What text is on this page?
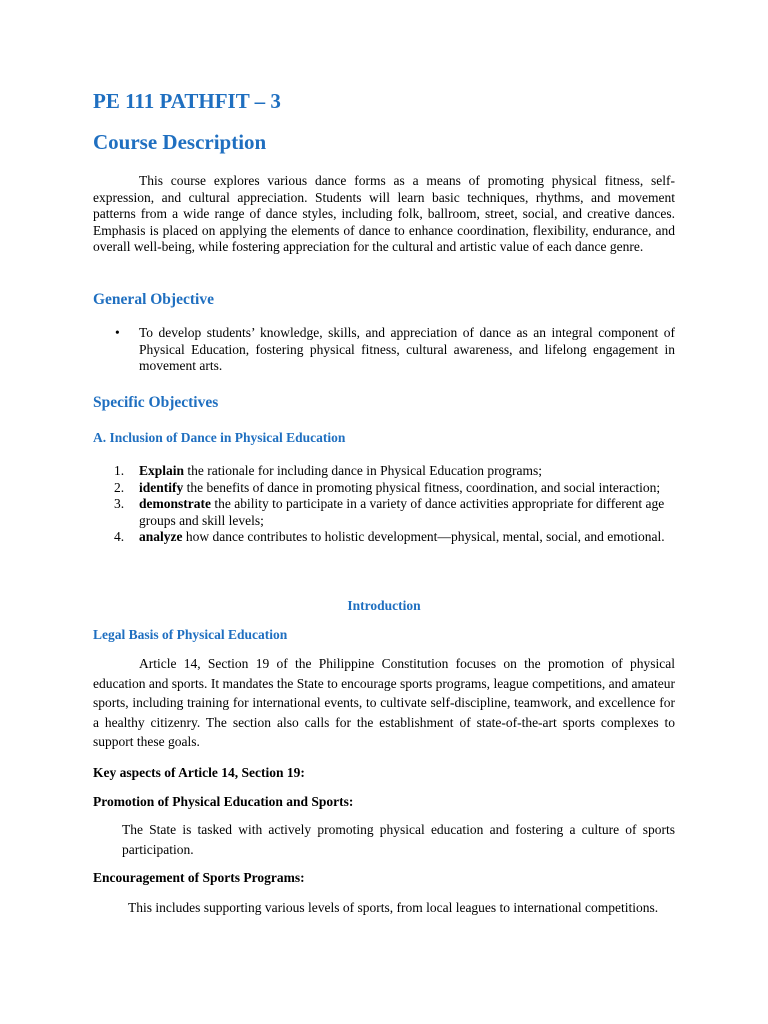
PE 111 PATHFIT – 3
Course Description

This course explores various dance forms as a means of promoting physical fitness, self-expression, and cultural appreciation. Students will learn basic techniques, rhythms, and movement patterns from a wide range of dance styles, including folk, ballroom, street, social, and creative dances. Emphasis is placed on applying the elements of dance to enhance coordination, flexibility, endurance, and overall well-being, while fostering appreciation for the cultural and artistic value of each dance genre.

General Objective
• To develop students’ knowledge, skills, and appreciation of dance as an integral component of Physical Education, fostering physical fitness, cultural awareness, and lifelong engagement in movement arts.
Specific Objectives
A. Inclusion of Dance in Physical Education
1. Explain the rationale for including dance in Physical Education programs;
2. identify the benefits of dance in promoting physical fitness, coordination, and social interaction;
3. demonstrate the ability to participate in a variety of dance activities appropriate for different age groups and skill levels;
4. analyze how dance contributes to holistic development—physical, mental, social, and emotional.
Introduction
Legal Basis of Physical Education

Article 14, Section 19 of the Philippine Constitution focuses on the promotion of physical education and sports. It mandates the State to encourage sports programs, league competitions, and amateur sports, including training for international events, to cultivate self-discipline, teamwork, and excellence for a healthy citizenry. The section also calls for the establishment of state-of-the-art sports complexes to support these goals.

Key aspects of Article 14, Section 19:
Promotion of Physical Education and Sports:

The State is tasked with actively promoting physical education and fostering a culture of sports participation.

Encouragement of Sports Programs:

This includes supporting various levels of sports, from local leagues to international competitions.
